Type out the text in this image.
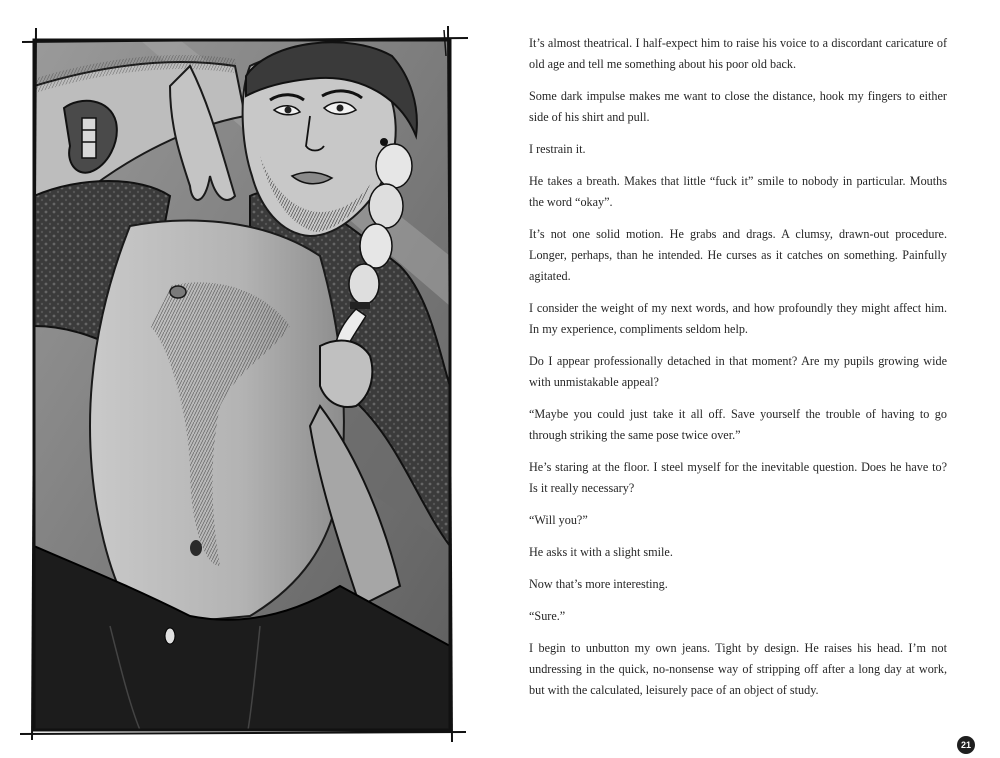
It’s almost theatrical. I half-expect him to raise his voice to a discordant caricature of old age and tell me something about his poor old back.

Some dark impulse makes me want to close the distance, hook my fingers to either side of his shirt and pull.

I restrain it.

He takes a breath. Makes that little “fuck it” smile to nobody in particular. Mouths the word “okay”.

It’s not one solid motion. He grabs and drags. A clumsy, drawn-out procedure. Longer, perhaps, than he intended. He curses as it catches on something. Painfully agitated.

I consider the weight of my next words, and how profoundly they might affect him. In my experience, compliments seldom help.

Do I appear professionally detached in that moment? Are my pupils growing wide with unmistakable appeal?

“Maybe you could just take it all off. Save yourself the trouble of having to go through striking the same pose twice over.”

He’s staring at the floor. I steel myself for the inevitable question. Does he have to? Is it really necessary?

“Will you?”

He asks it with a slight smile.

Now that’s more interesting.

“Sure.”

I begin to unbutton my own jeans. Tight by design. He raises his head. I’m not undressing in the quick, no-nonsense way of stripping off after a long day at work, but with the calculated, leisurely pace of an object of study.

21
